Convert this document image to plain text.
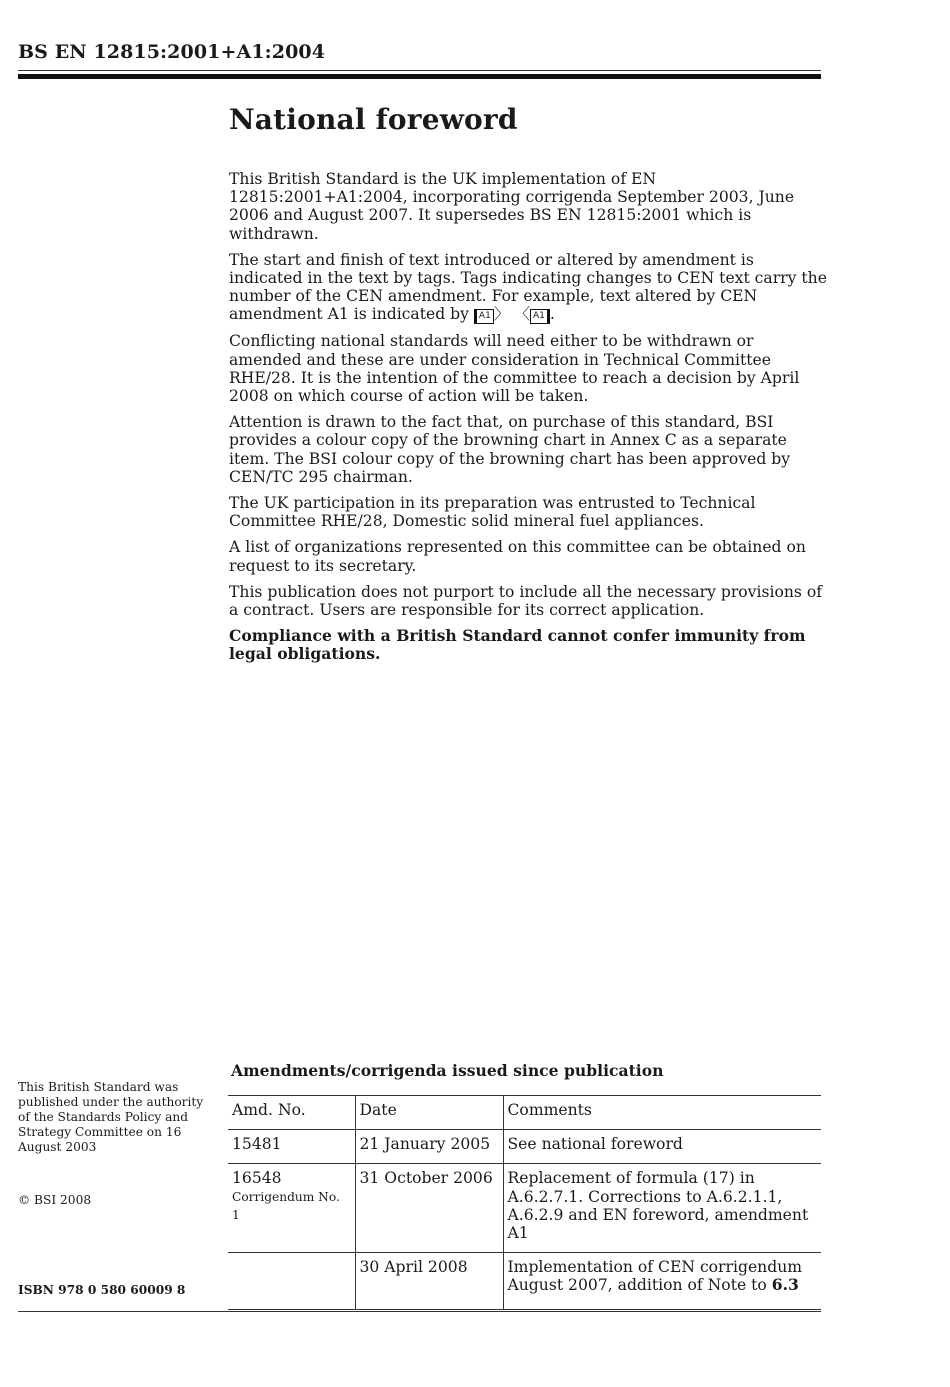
BS EN 12815:2001+A1:2004
National foreword

This British Standard is the UK implementation of EN 12815:2001+A1:2004, incorporating corrigenda September 2003, June 2006 and August 2007. It supersedes BS EN 12815:2001 which is withdrawn.

The start and finish of text introduced or altered by amendment is indicated in the text by tags. Tags indicating changes to CEN text carry the number of the CEN amendment. For example, text altered by CEN amendment A1 is indicated by A1 〉 〈 A1 .

Conflicting national standards will need either to be withdrawn or amended and these are under consideration in Technical Committee RHE/28. It is the intention of the committee to reach a decision by April 2008 on which course of action will be taken.

Attention is drawn to the fact that, on purchase of this standard, BSI provides a colour copy of the browning chart in Annex C as a separate item. The BSI colour copy of the browning chart has been approved by CEN/TC 295 chairman.

The UK participation in its preparation was entrusted to Technical Committee RHE/28, Domestic solid mineral fuel appliances.

A list of organizations represented on this committee can be obtained on request to its secretary.

This publication does not purport to include all the necessary provisions of a contract. Users are responsible for its correct application.

Compliance with a British Standard cannot confer immunity from legal obligations.

This British Standard was published under the authority of the Standards Policy and Strategy Committee on 16 August 2003
© BSI 2008
ISBN 978 0 580 60009 8
Amendments/corrigenda issued since publication
Amd. No.	Date	Comments
15481	21 January 2005	See national foreword
16548
Corrigendum No. 1	31 October 2006	Replacement of formula (17) in A.6.2.7.1. Corrections to A.6.2.1.1, A.6.2.9 and EN foreword, amendment A1

	30 April 2008	Implementation of CEN corrigendum August 2007, addition of Note to 6.3
